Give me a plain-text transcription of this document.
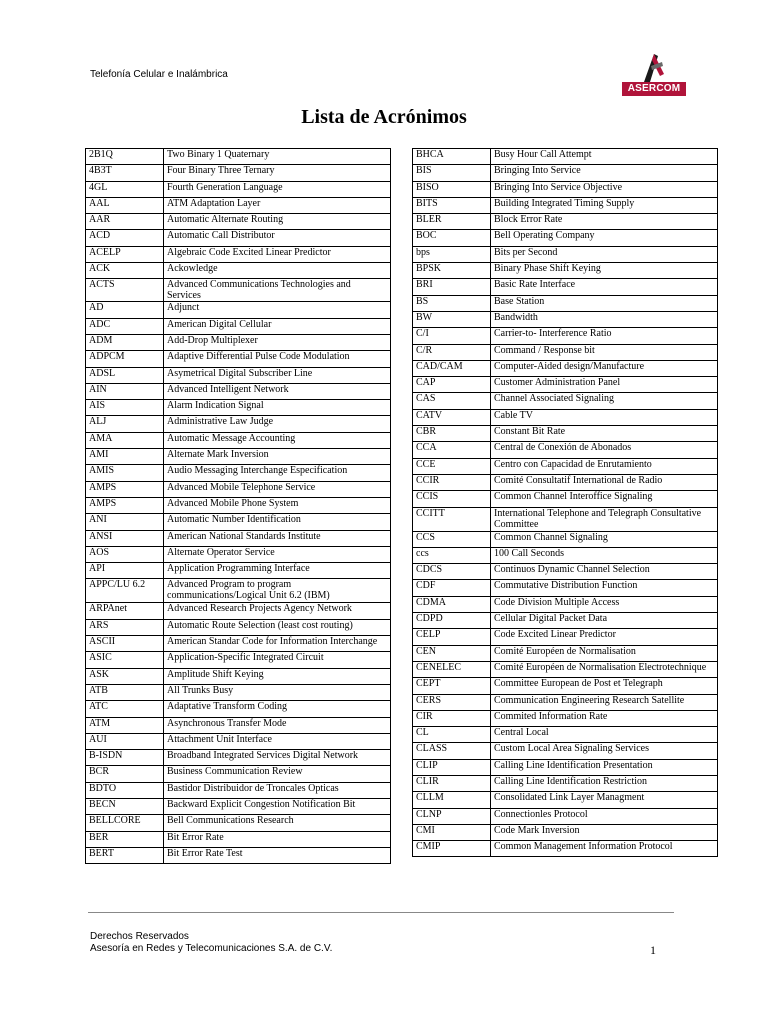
Telefonía Celular e Inalámbrica
ASERCOM
Lista de Acrónimos
2B1Q	Two Binary 1 Quaternary
4B3T	Four Binary Three Ternary
4GL	Fourth Generation Language
AAL	ATM Adaptation Layer
AAR	Automatic Alternate Routing
ACD	Automatic Call Distributor
ACELP	Algebraic Code Excited Linear Predictor
ACK	Ackowledge
ACTS	Advanced Communications Technologies and Services
AD	Adjunct
ADC	American Digital Cellular
ADM	Add-Drop Multiplexer
ADPCM	Adaptive Differential Pulse Code Modulation
ADSL	Asymetrical Digital Subscriber Line
AIN	Advanced Intelligent Network
AIS	Alarm Indication Signal
ALJ	Administrative Law Judge
AMA	Automatic Message Accounting
AMI	Alternate Mark Inversion
AMIS	Audio Messaging Interchange Especification
AMPS	Advanced Mobile Telephone Service
AMPS	Advanced Mobile Phone System
ANI	Automatic Number Identification
ANSI	American National Standards Institute
AOS	Alternate Operator Service
API	Application Programming Interface
APPC/LU 6.2	Advanced Program to program communications/Logical Unit 6.2 (IBM)
ARPAnet	Advanced Research Projects Agency Network
ARS	Automatic Route Selection (least cost routing)
ASCII	American Standar Code for Information Interchange
ASIC	Application-Specific Integrated Circuit
ASK	Amplitude Shift Keying
ATB	All Trunks Busy
ATC	Adaptative Transform Coding
ATM	Asynchronous Transfer Mode
AUI	Attachment Unit Interface
B-ISDN	Broadband Integrated Services Digital Network
BCR	Business Communication Review
BDTO	Bastidor Distribuidor de Troncales Opticas
BECN	Backward Explicit Congestion Notification Bit
BELLCORE	Bell Communications Research
BER	Bit Error Rate
BERT	Bit Error Rate Test
BHCA	Busy Hour Call Attempt
BIS	Bringing Into Service
BISO	Bringing Into Service Objective
BITS	Building Integrated Timing Supply
BLER	Block Error Rate
BOC	Bell Operating Company
bps	Bits per Second
BPSK	Binary Phase Shift Keying
BRI	Basic Rate Interface
BS	Base Station
BW	Bandwidth
C/I	Carrier-to- Interference Ratio
C/R	Command / Response bit
CAD/CAM	Computer-Aided design/Manufacture
CAP	Customer Administration Panel
CAS	Channel Associated Signaling
CATV	Cable TV
CBR	Constant Bit Rate
CCA	Central de Conexión de Abonados
CCE	Centro con Capacidad de Enrutamiento
CCIR	Comité Consultatif International de Radio
CCIS	Common Channel Interoffice Signaling
CCITT	International Telephone and Telegraph Consultative Committee
CCS	Common Channel Signaling
ccs	100 Call Seconds
CDCS	Continuos Dynamic Channel Selection
CDF	Commutative Distribution Function
CDMA	Code Division Multiple Access
CDPD	Cellular Digital Packet Data
CELP	Code Excited Linear Predictor
CEN	Comité Européen de Normalisation
CENELEC	Comité Européen de Normalisation Electrotechnique
CEPT	Committee European de Post et Telegraph
CERS	Communication Engineering Research Satellite
CIR	Commited Information Rate
CL	Central Local
CLASS	Custom Local Area Signaling Services
CLIP	Calling Line Identification Presentation
CLIR	Calling Line Identification Restriction
CLLM	Consolidated Link Layer Managment
CLNP	Connectionles Protocol
CMI	Code Mark Inversion
CMIP	Common Management Information Protocol
Derechos Reservados
Asesoría en Redes y Telecomunicaciones S.A. de C.V.	1
